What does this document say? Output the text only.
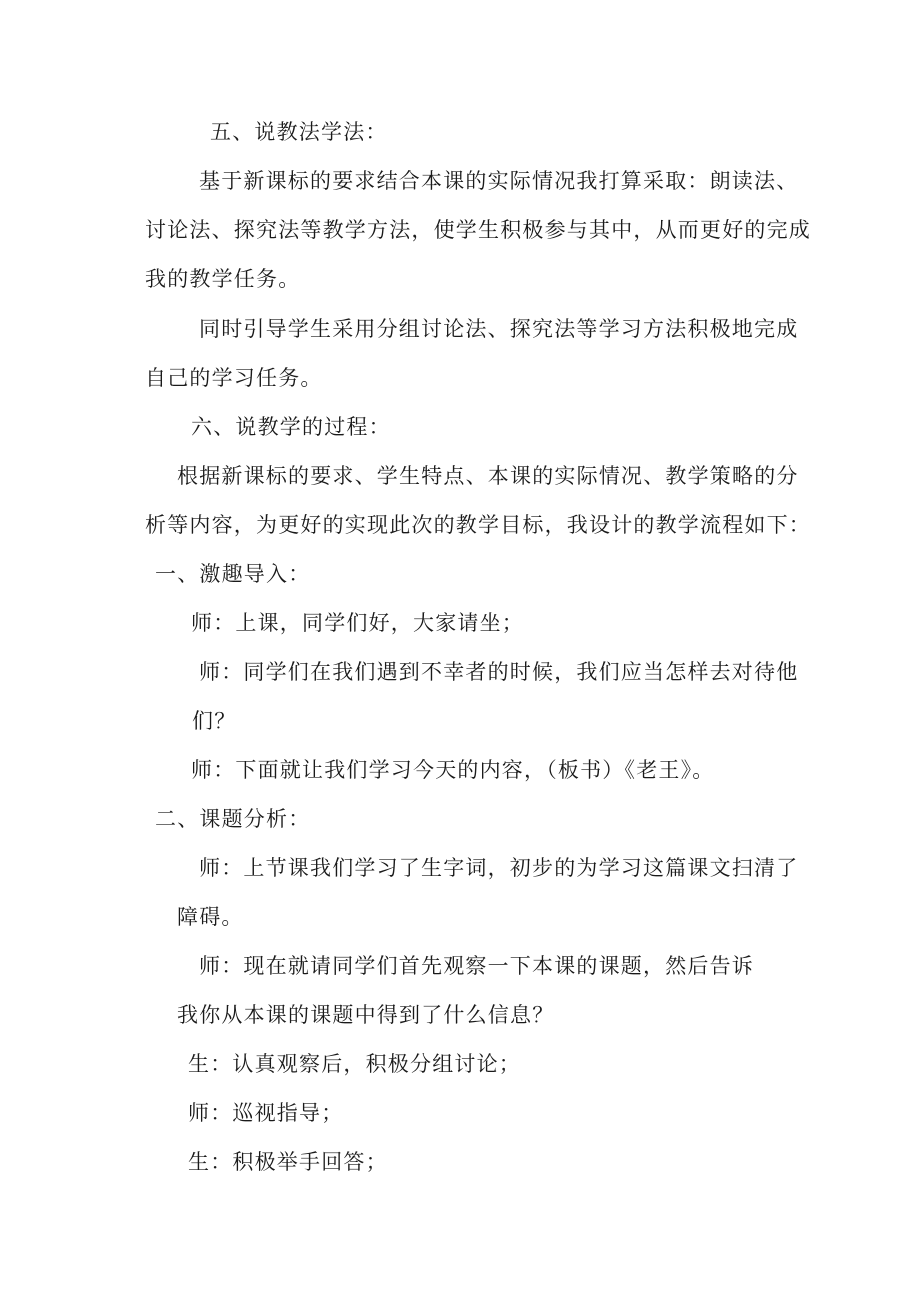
五、说教法学法：
基于新课标的要求结合本课的实际情况我打算采取：朗读法、
讨论法、探究法等教学方法，使学生积极参与其中，从而更好的完成
我的教学任务。
同时引导学生采用分组讨论法、探究法等学习方法积极地完成
自己的学习任务。
六、说教学的过程：
根据新课标的要求、学生特点、本课的实际情况、教学策略的分
析等内容，为更好的实现此次的教学目标，我设计的教学流程如下：
一、激趣导入：
师：上课，同学们好，大家请坐；
师：同学们在我们遇到不幸者的时候，我们应当怎样去对待他
们？
师：下面就让我们学习今天的内容，（板书）《老王》。
二、课题分析：
师：上节课我们学习了生字词，初步的为学习这篇课文扫清了
障碍。
师：现在就请同学们首先观察一下本课的课题，然后告诉
我你从本课的课题中得到了什么信息？
生：认真观察后，积极分组讨论；
师：巡视指导；
生：积极举手回答；
